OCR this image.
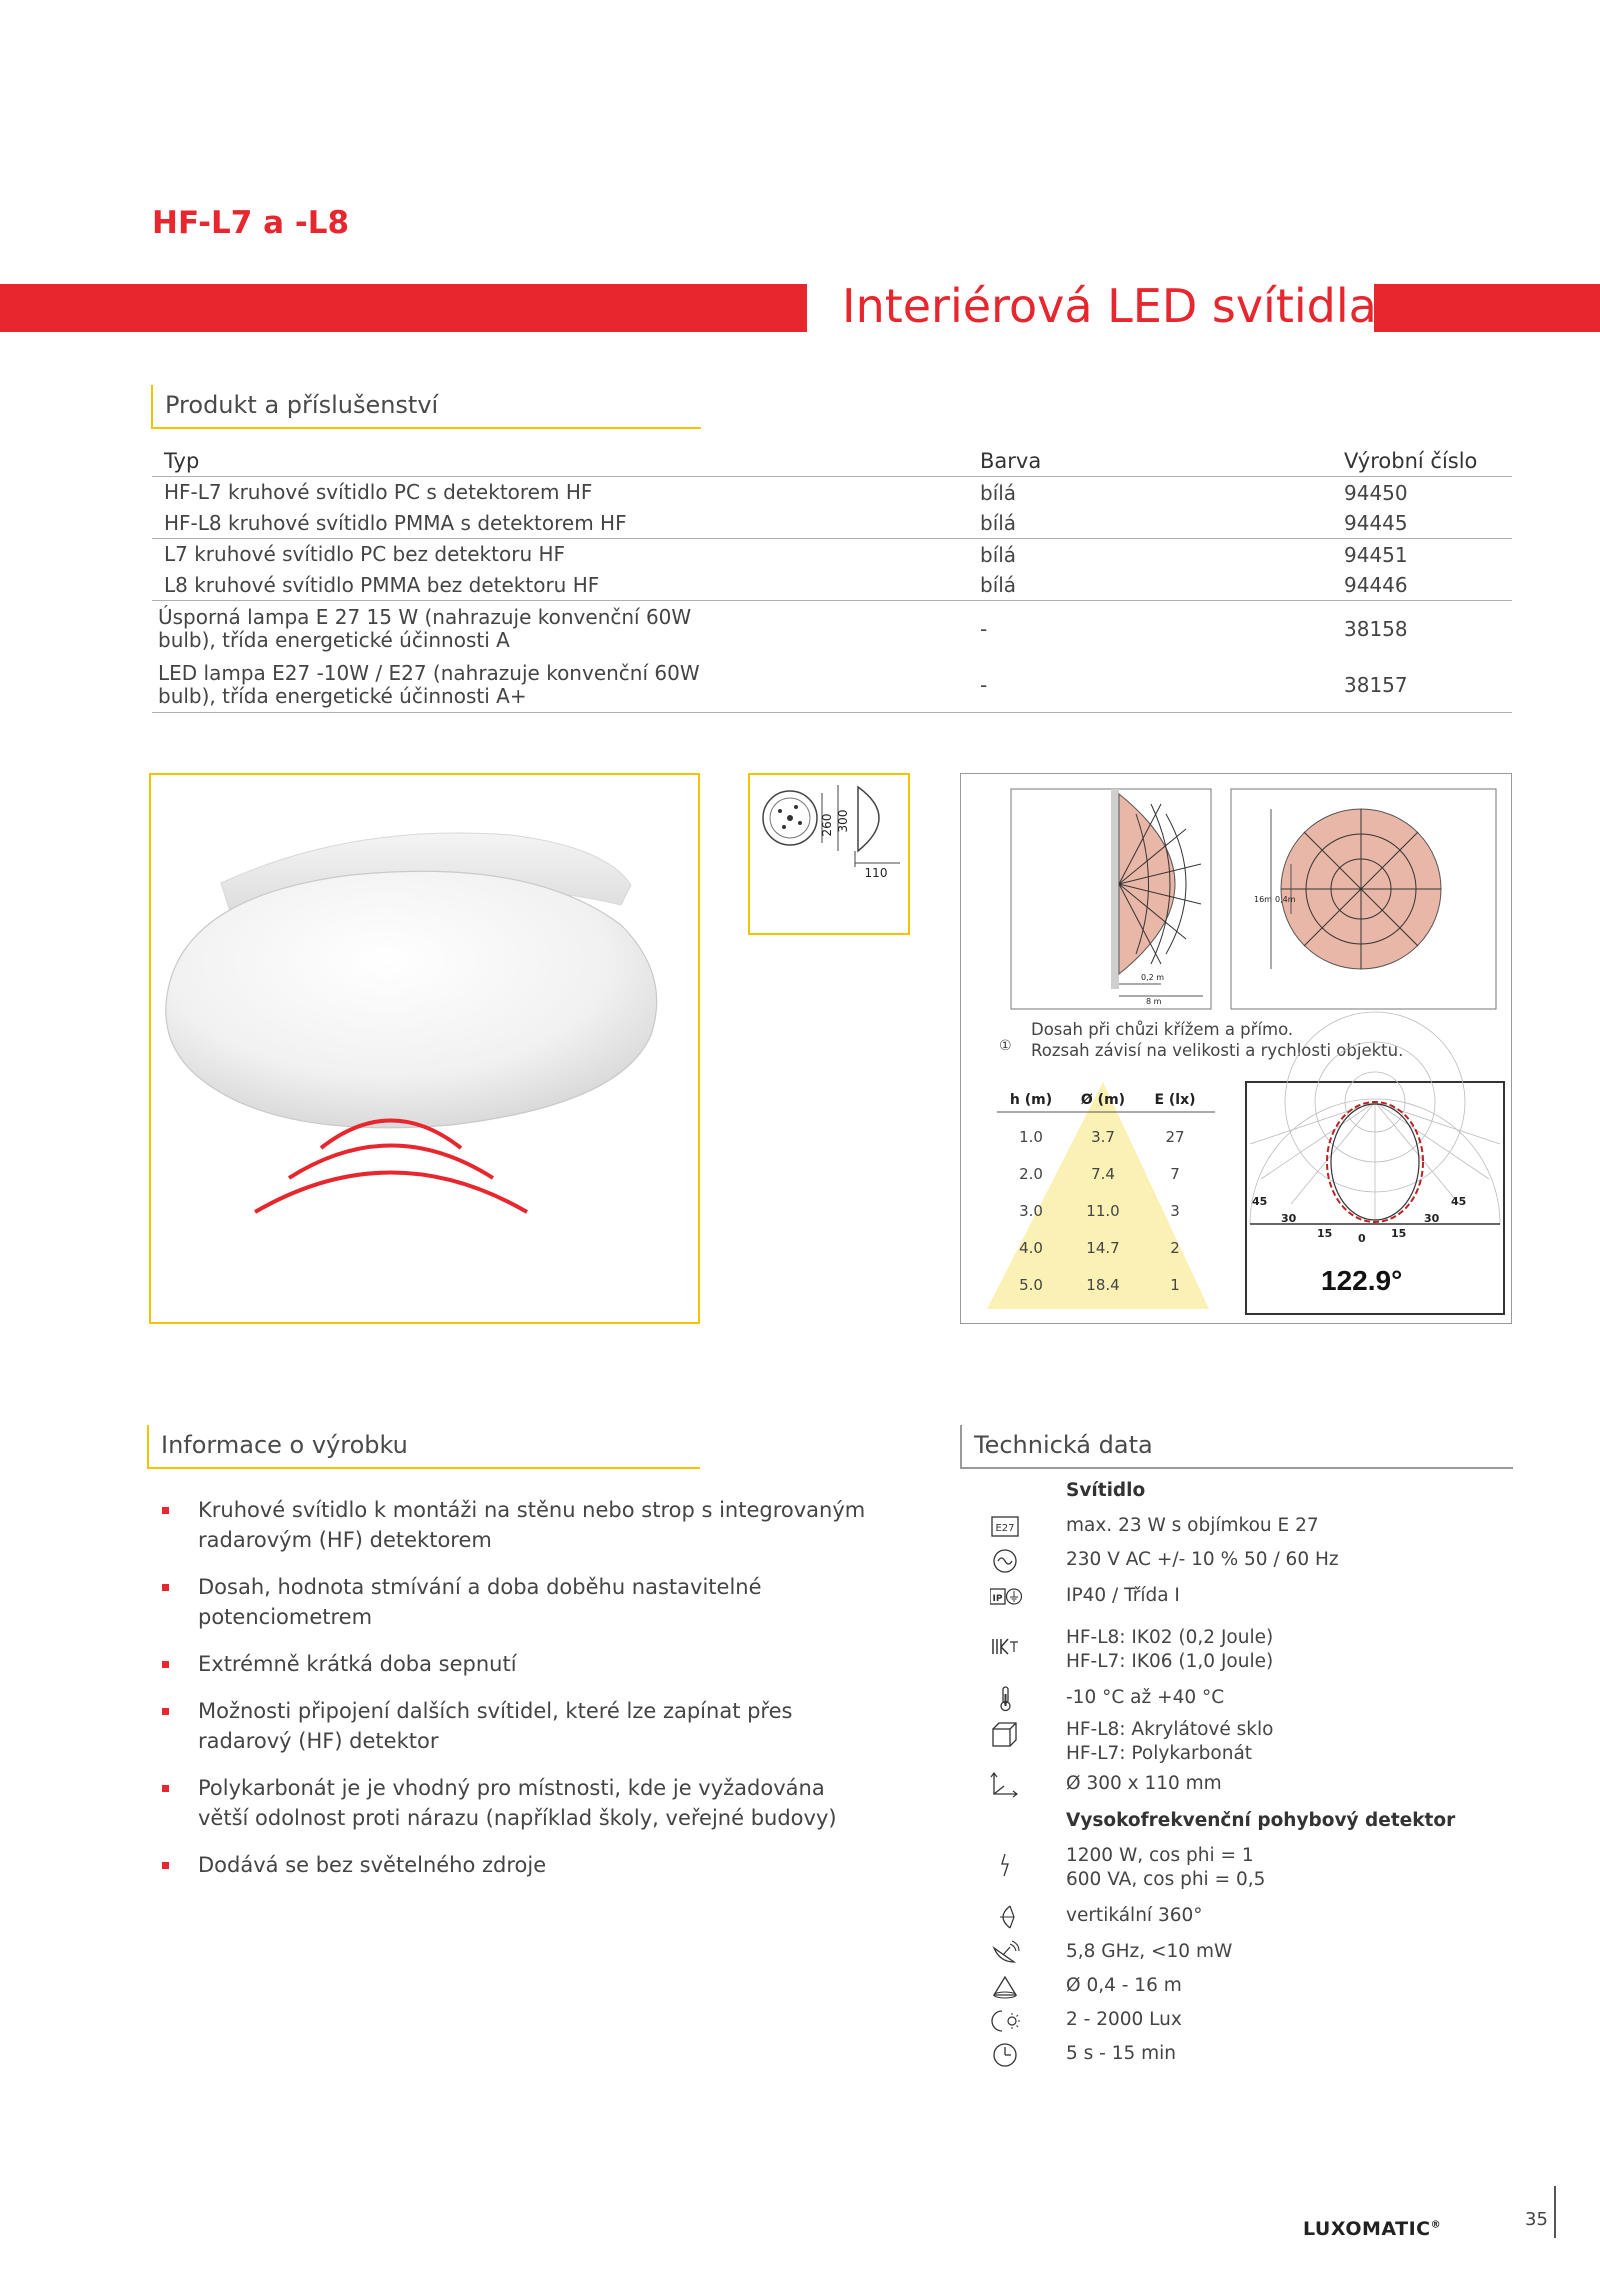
HF-L7 a -L8
Interiérová LED svítidla
Produkt a příslušenství
Typ	Barva	Výrobní číslo
HF-L7 kruhové svítidlo PC s detektorem HF	bílá	94450
HF-L8 kruhové svítidlo PMMA s detektorem HF	bílá	94445
L7 kruhové svítidlo PC bez detektoru HF	bílá	94451
L8 kruhové svítidlo PMMA bez detektoru HF	bílá	94446
Úsporná lampa E 27 15 W (nahrazuje konvenční 60W bulb), třída energetické účinnosti A	-	38158
LED lampa E27 -10W / E27 (nahrazuje konvenční 60W bulb), třída energetické účinnosti A+	-	38157
260 300
110
0,2 m
8 m
16m 0,4m
①
Dosah při chůzi křížem a přímo.
Rozsah závisí na velikosti a rychlosti objektu.
h (m) Ø (m) E (lx)
1.0	3.7	27
2.0	7.4	7
3.0	11.0	3
4.0	14.7	2
5.0	18.4	1
45
30
15 0 15
30
45
122.9°
Informace o výrobku
Kruhové svítidlo k montáži na stěnu nebo strop s integrovaným radarovým (HF) detektorem
Dosah, hodnota stmívání a doba doběhu nastavitelné potenciometrem
Extrémně krátká doba sepnutí
Možnosti připojení dalších svítidel, které lze zapínat přes radarový (HF) detektor
Polykarbonát je je vhodný pro místnosti, kde je vyžadována větší odolnost proti nárazu (například školy, veřejné budovy)
Dodává se bez světelného zdroje
Technická data
Svítidlo
E27	max. 23 W s objímkou E 27
230 V AC +/- 10 % 50 / 60 Hz
IP	IP40 / Třída I
HF-L8: IK02 (0,2 Joule)
HF-L7: IK06 (1,0 Joule)
-10 °C až +40 °C
HF-L8: Akrylátové sklo
HF-L7: Polykarbonát
Ø 300 x 110 mm
Vysokofrekvenční pohybový detektor
1200 W, cos phi = 1
600 VA, cos phi = 0,5
vertikální 360°
5,8 GHz, <10 mW
Ø 0,4 - 16 m
2 - 2000 Lux
5 s - 15 min
LUXOMATIC®	35
